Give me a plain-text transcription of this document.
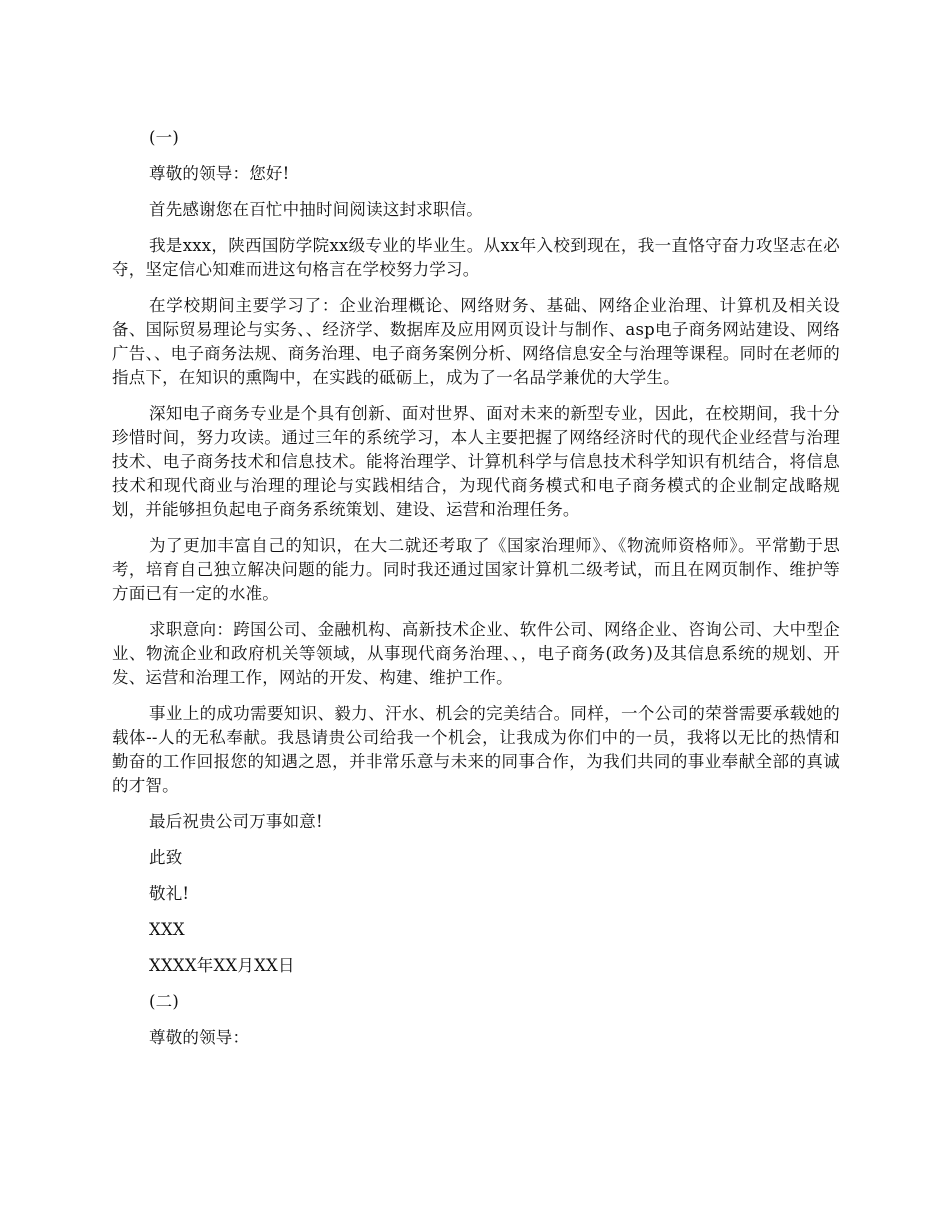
(一)

尊敬的领导：您好!

首先感谢您在百忙中抽时间阅读这封求职信。

我是xxx，陕西国防学院xx级专业的毕业生。从xx年入校到现在，我一直恪守奋力攻坚志在必夺，坚定信心知难而进这句格言在学校努力学习。

在学校期间主要学习了：企业治理概论、网络财务、基础、网络企业治理、计算机及相关设备、国际贸易理论与实务、、经济学、数据库及应用网页设计与制作、asp电子商务网站建设、网络广告、、电子商务法规、商务治理、电子商务案例分析、网络信息安全与治理等课程。同时在老师的指点下，在知识的熏陶中，在实践的砥砺上，成为了一名品学兼优的大学生。

深知电子商务专业是个具有创新、面对世界、面对未来的新型专业，因此，在校期间，我十分珍惜时间，努力攻读。通过三年的系统学习，本人主要把握了网络经济时代的现代企业经营与治理技术、电子商务技术和信息技术。能将治理学、计算机科学与信息技术科学知识有机结合，将信息技术和现代商业与治理的理论与实践相结合，为现代商务模式和电子商务模式的企业制定战略规划，并能够担负起电子商务系统策划、建设、运营和治理任务。

为了更加丰富自己的知识，在大二就还考取了《国家治理师》、《物流师资格师》。平常勤于思考，培育自己独立解决问题的能力。同时我还通过国家计算机二级考试，而且在网页制作、维护等方面已有一定的水准。

求职意向：跨国公司、金融机构、高新技术企业、软件公司、网络企业、咨询公司、大中型企业、物流企业和政府机关等领域，从事现代商务治理、、，电子商务(政务)及其信息系统的规划、开发、运营和治理工作，网站的开发、构建、维护工作。

事业上的成功需要知识、毅力、汗水、机会的完美结合。同样，一个公司的荣誉需要承载她的载体--人的无私奉献。我恳请贵公司给我一个机会，让我成为你们中的一员，我将以无比的热情和勤奋的工作回报您的知遇之恩，并非常乐意与未来的同事合作，为我们共同的事业奉献全部的真诚的才智。

最后祝贵公司万事如意!

此致

敬礼!

XXX

XXXX年XX月XX日

(二)

尊敬的领导：
